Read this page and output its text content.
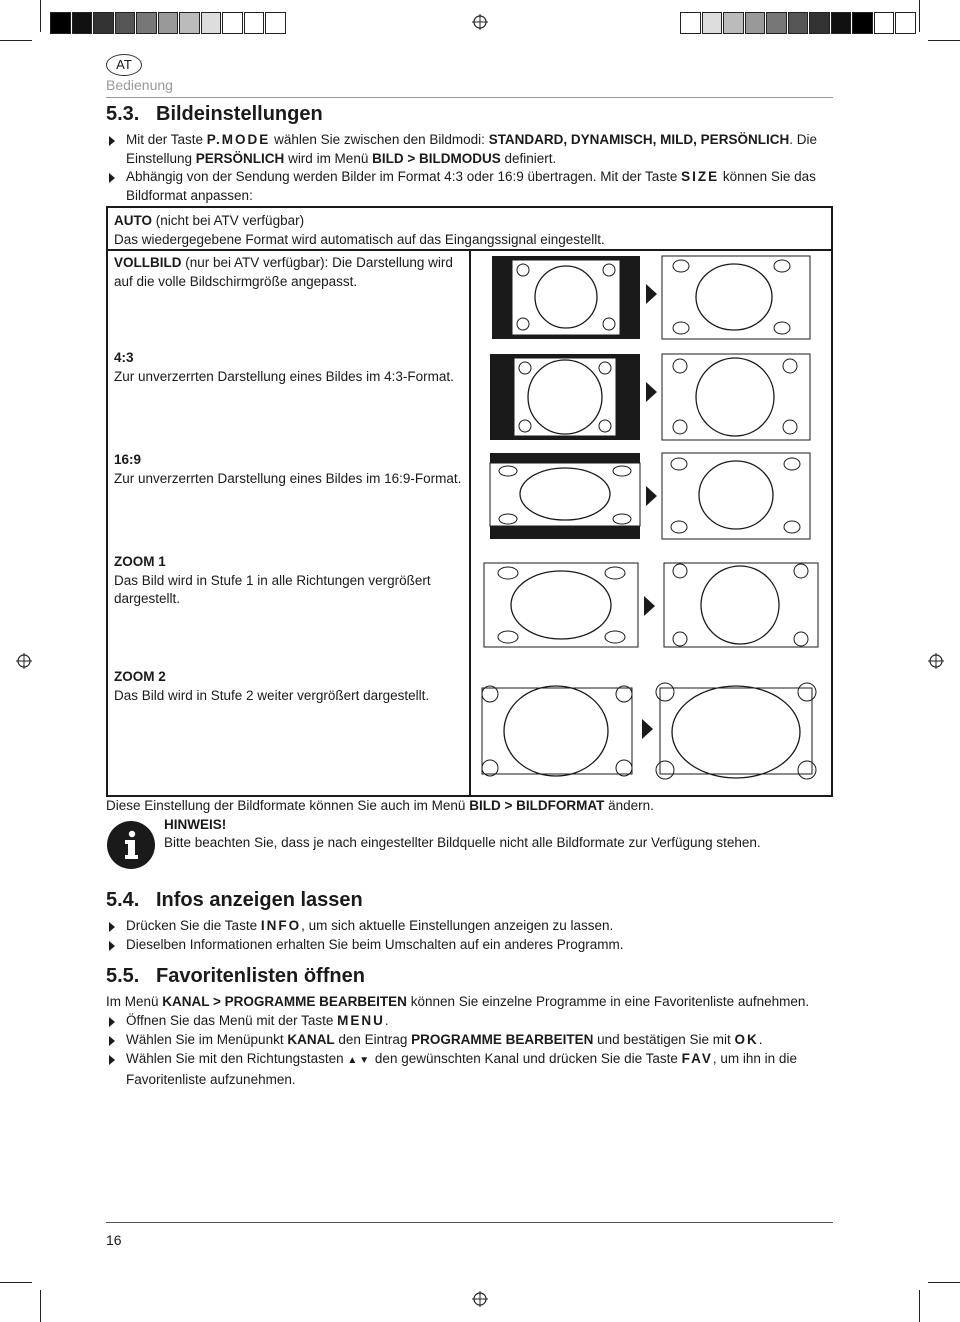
AT
Bedienung
5.3. Bildeinstellungen
Mit der Taste P.MODE wählen Sie zwischen den Bildmodi: STANDARD, DYNAMISCH, MILD, PERSÖNLICH. Die Einstellung PERSÖNLICH wird im Menü BILD > BILDMODUS definiert.
Abhängig von der Sendung werden Bilder im Format 4:3 oder 16:9 übertragen. Mit der Taste SIZE können Sie das Bildformat anpassen:
AUTO (nicht bei ATV verfügbar)
Das wiedergegebene Format wird automatisch auf das Eingangssignal eingestellt.
VOLLBILD (nur bei ATV verfügbar): Die Darstellung wird auf die volle Bildschirmgröße angepasst.
4:3
Zur unverzerrten Darstellung eines Bildes im 4:3-Format.
16:9
Zur unverzerrten Darstellung eines Bildes im 16:9-Format.
ZOOM 1
Das Bild wird in Stufe 1 in alle Richtungen vergrößert dargestellt.
ZOOM 2
Das Bild wird in Stufe 2 weiter vergrößert dargestellt.
Diese Einstellung der Bildformate können Sie auch im Menü BILD > BILDFORMAT ändern.
HINWEIS!
Bitte beachten Sie, dass je nach eingestellter Bildquelle nicht alle Bildformate zur Verfügung stehen.
5.4. Infos anzeigen lassen
Drücken Sie die Taste INFO, um sich aktuelle Einstellungen anzeigen zu lassen.
Dieselben Informationen erhalten Sie beim Umschalten auf ein anderes Programm.
5.5. Favoritenlisten öffnen
Im Menü KANAL > PROGRAMME BEARBEITEN können Sie einzelne Programme in eine Favoritenliste aufnehmen.
Öffnen Sie das Menü mit der Taste MENU.
Wählen Sie im Menüpunkt KANAL den Eintrag PROGRAMME BEARBEITEN und bestätigen Sie mit OK.
Wählen Sie mit den Richtungstasten ▲▼ den gewünschten Kanal und drücken Sie die Taste FAV, um ihn in die Favoritenliste aufzunehmen.
16
